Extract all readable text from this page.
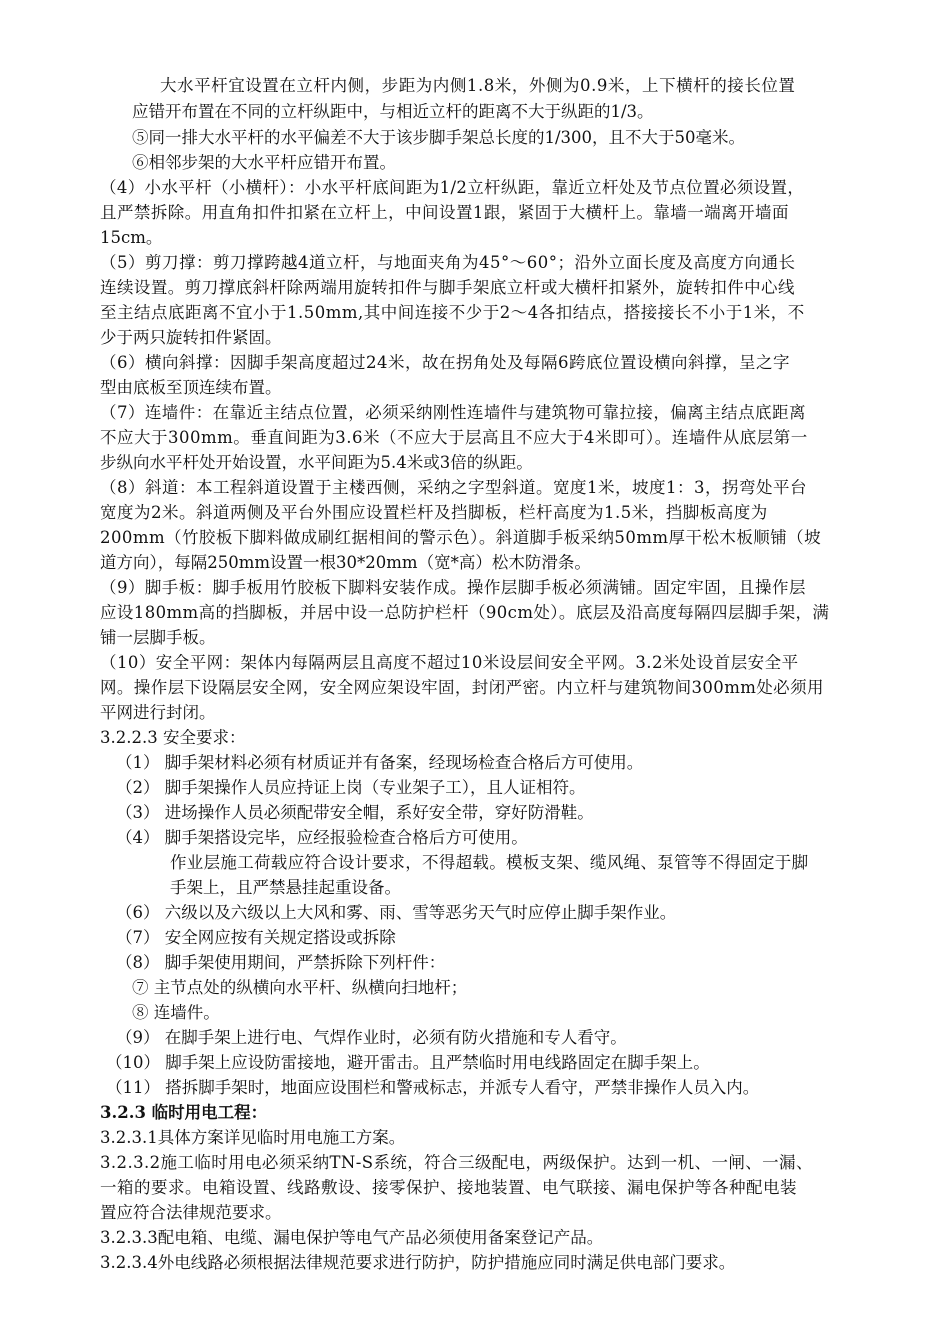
大水平杆宜设置在立杆内侧，步距为内侧1.8米，外侧为0.9米，上下横杆的接长位置
应错开布置在不同的立杆纵距中，与相近立杆的距离不大于纵距的1/3。
⑤同一排大水平杆的水平偏差不大于该步脚手架总长度的1/300，且不大于50毫米。
⑥相邻步架的大水平杆应错开布置。
（4）小水平杆（小横杆）：小水平杆底间距为1/2立杆纵距，靠近立杆处及节点位置必须设置，
且严禁拆除。用直角扣件扣紧在立杆上，中间设置1跟，紧固于大横杆上。靠墙一端离开墙面
15cm。
（5）剪刀撑：剪刀撑跨越4道立杆，与地面夹角为45°～60°；沿外立面长度及高度方向通长
连续设置。剪刀撑底斜杆除两端用旋转扣件与脚手架底立杆或大横杆扣紧外，旋转扣件中心线
至主结点底距离不宜小于1.50mm,其中间连接不少于2～4各扣结点，搭接接长不小于1米，不
少于两只旋转扣件紧固。
（6）横向斜撑：因脚手架高度超过24米，故在拐角处及每隔6跨底位置设横向斜撑，呈之字
型由底板至顶连续布置。
（7）连墙件：在靠近主结点位置，必须采纳刚性连墙件与建筑物可靠拉接，偏离主结点底距离
不应大于300mm。垂直间距为3.6米（不应大于层高且不应大于4米即可）。连墙件从底层第一
步纵向水平杆处开始设置，水平间距为5.4米或3倍的纵距。
（8）斜道：本工程斜道设置于主楼西侧，采纳之字型斜道。宽度1米，坡度1：3，拐弯处平台
宽度为2米。斜道两侧及平台外围应设置栏杆及挡脚板，栏杆高度为1.5米，挡脚板高度为
200mm（竹胶板下脚料做成刷红据相间的警示色）。斜道脚手板采纳50mm厚干松木板顺铺（坡
道方向），每隔250mm设置一根30*20mm（宽*高）松木防滑条。
（9）脚手板：脚手板用竹胶板下脚料安装作成。操作层脚手板必须满铺。固定牢固，且操作层
应设180mm高的挡脚板，并居中设一总防护栏杆（90cm处）。底层及沿高度每隔四层脚手架，满
铺一层脚手板。
（10）安全平网：架体内每隔两层且高度不超过10米设层间安全平网。3.2米处设首层安全平
网。操作层下设隔层安全网，安全网应架设牢固，封闭严密。内立杆与建筑物间300mm处必须用
平网进行封闭。
3.2.2.3 安全要求：
（1） 脚手架材料必须有材质证并有备案，经现场检查合格后方可使用。
（2） 脚手架操作人员应持证上岗（专业架子工），且人证相符。
（3） 进场操作人员必须配带安全帽，系好安全带，穿好防滑鞋。
（4） 脚手架搭设完毕，应经报验检查合格后方可使用。
作业层施工荷载应符合设计要求，不得超载。模板支架、缆风绳、泵管等不得固定于脚
手架上，且严禁悬挂起重设备。
（6） 六级以及六级以上大风和雾、雨、雪等恶劣天气时应停止脚手架作业。
（7） 安全网应按有关规定搭设或拆除
（8） 脚手架使用期间，严禁拆除下列杆件：
⑦ 主节点处的纵横向水平杆、纵横向扫地杆；
⑧ 连墙件。
（9） 在脚手架上进行电、气焊作业时，必须有防火措施和专人看守。
（10） 脚手架上应设防雷接地，避开雷击。且严禁临时用电线路固定在脚手架上。
（11） 搭拆脚手架时，地面应设围栏和警戒标志，并派专人看守，严禁非操作人员入内。
3.2.3 临时用电工程：
3.2.3.1具体方案详见临时用电施工方案。
3.2.3.2施工临时用电必须采纳TN-S系统，符合三级配电，两级保护。达到一机、一闸、一漏、
一箱的要求。电箱设置、线路敷设、接零保护、接地装置、电气联接、漏电保护等各种配电装
置应符合法律规范要求。
3.2.3.3配电箱、电缆、漏电保护等电气产品必须使用备案登记产品。
3.2.3.4外电线路必须根据法律规范要求进行防护，防护措施应同时满足供电部门要求。
